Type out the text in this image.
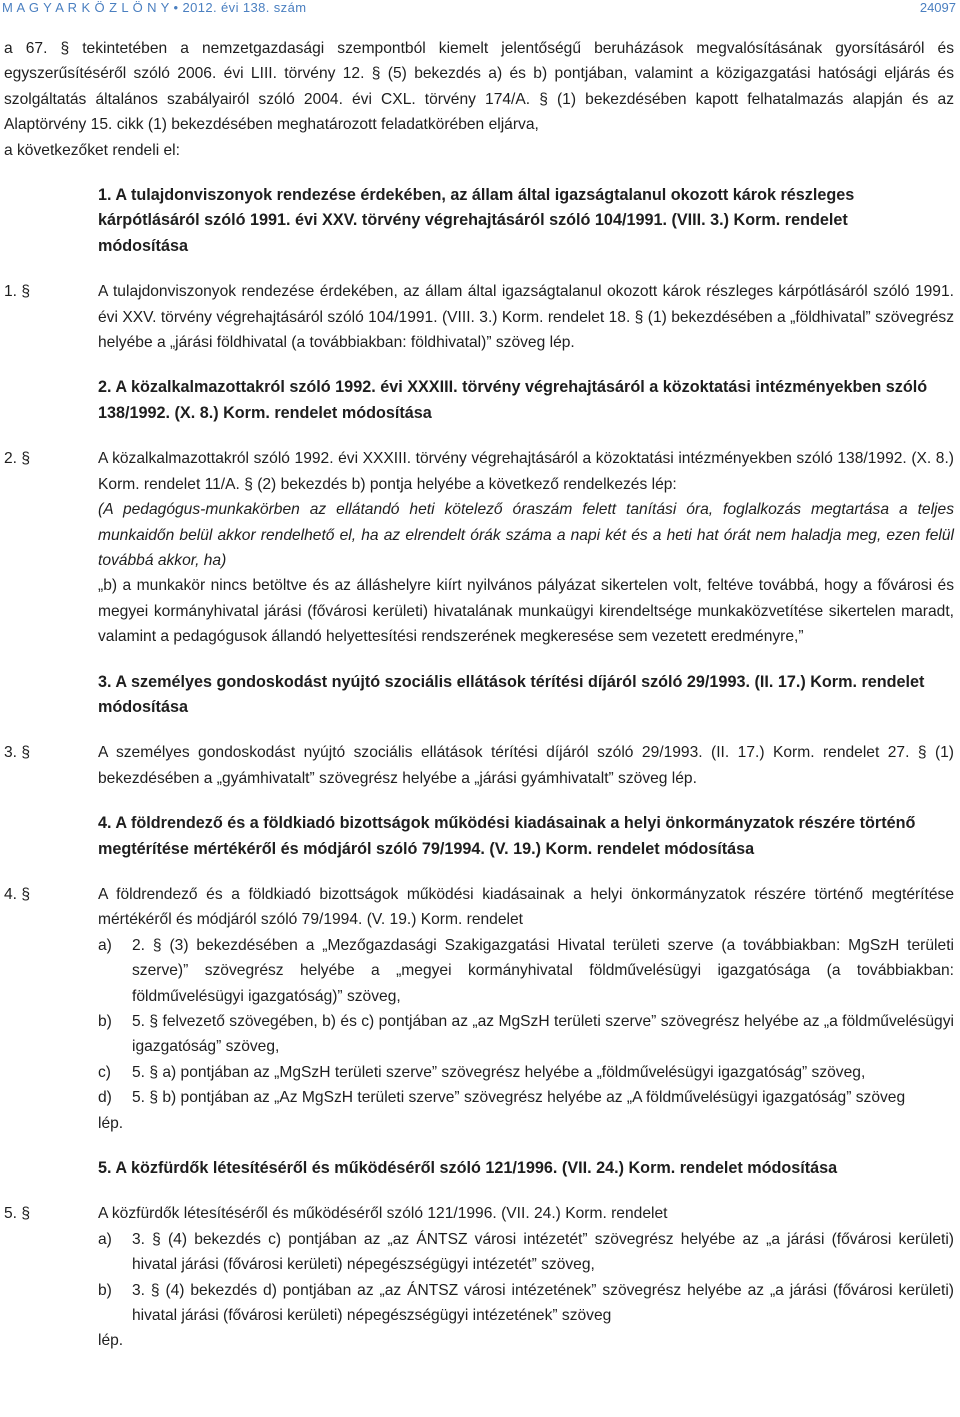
M A G Y A R K Ö Z L Ö N Y • 2012. évi 138. szám	24097

a 67. § tekintetében a nemzetgazdasági szempontból kiemelt jelentőségű beruházások megvalósításának gyorsításáról és egyszerűsítéséről szóló 2006. évi LIII. törvény 12. § (5) bekezdés a) és b) pontjában, valamint a közigazgatási hatósági eljárás és szolgáltatás általános szabályairól szóló 2004. évi CXL. törvény 174/A. § (1) bekezdésében kapott felhatalmazás alapján és az Alaptörvény 15. cikk (1) bekezdésében meghatározott feladatkörében eljárva,

a következőket rendeli el:

1. A tulajdonviszonyok rendezése érdekében, az állam által igazságtalanul okozott károk részleges kárpótlásáról szóló 1991. évi XXV. törvény végrehajtásáról szóló 104/1991. (VIII. 3.) Korm. rendelet módosítása

1. §	A tulajdonviszonyok rendezése érdekében, az állam által igazságtalanul okozott károk részleges kárpótlásáról szóló 1991. évi XXV. törvény végrehajtásáról szóló 104/1991. (VIII. 3.) Korm. rendelet 18. § (1) bekezdésében a „földhivatal” szövegrész helyébe a „járási földhivatal (a továbbiakban: földhivatal)” szöveg lép.

2. A közalkalmazottakról szóló 1992. évi XXXIII. törvény végrehajtásáról a közoktatási intézményekben szóló 138/1992. (X. 8.) Korm. rendelet módosítása

2. §	A közalkalmazottakról szóló 1992. évi XXXIII. törvény végrehajtásáról a közoktatási intézményekben szóló 138/1992. (X. 8.) Korm. rendelet 11/A. § (2) bekezdés b) pontja helyébe a következő rendelkezés lép:

(A pedagógus-munkakörben az ellátandó heti kötelező óraszám felett tanítási óra, foglalkozás megtartása a teljes munkaidőn belül akkor rendelhető el, ha az elrendelt órák száma a napi két és a heti hat órát nem haladja meg, ezen felül továbbá akkor, ha)

„b) a munkakör nincs betöltve és az álláshelyre kiírt nyilvános pályázat sikertelen volt, feltéve továbbá, hogy a fővárosi és megyei kormányhivatal járási (fővárosi kerületi) hivatalának munkaügyi kirendeltsége munkaközvetítése sikertelen maradt, valamint a pedagógusok állandó helyettesítési rendszerének megkeresése sem vezetett eredményre,”

3. A személyes gondoskodást nyújtó szociális ellátások térítési díjáról szóló 29/1993. (II. 17.) Korm. rendelet módosítása

3. §	A személyes gondoskodást nyújtó szociális ellátások térítési díjáról szóló 29/1993. (II. 17.) Korm. rendelet 27. § (1) bekezdésében a „gyámhivatalt” szövegrész helyébe a „járási gyámhivatalt” szöveg lép.

4. A földrendező és a földkiadó bizottságok működési kiadásainak a helyi önkormányzatok részére történő megtérítése mértékéről és módjáról szóló 79/1994. (V. 19.) Korm. rendelet módosítása

4. §	A földrendező és a földkiadó bizottságok működési kiadásainak a helyi önkormányzatok részére történő megtérítése mértékéről és módjáról szóló 79/1994. (V. 19.) Korm. rendelet

a)	2. § (3) bekezdésében a „Mezőgazdasági Szakigazgatási Hivatal területi szerve (a továbbiakban: MgSzH területi szerve)” szövegrész helyébe a „megyei kormányhivatal földművelésügyi igazgatósága (a továbbiakban: földművelésügyi igazgatóság)” szöveg,
b)	5. § felvezető szövegében, b) és c) pontjában az „az MgSzH területi szerve” szövegrész helyébe az „a földművelésügyi igazgatóság” szöveg,
c)	5. § a) pontjában az „MgSzH területi szerve” szövegrész helyébe a „földművelésügyi igazgatóság” szöveg,
d)	5. § b) pontjában az „Az MgSzH területi szerve” szövegrész helyébe az „A földművelésügyi igazgatóság” szöveg

lép.

5. A közfürdők létesítéséről és működéséről szóló 121/1996. (VII. 24.) Korm. rendelet módosítása

5. §	A közfürdők létesítéséről és működéséről szóló 121/1996. (VII. 24.) Korm. rendelet

a)	3. § (4) bekezdés c) pontjában az „az ÁNTSZ városi intézetét” szövegrész helyébe az „a járási (fővárosi kerületi) hivatal járási (fővárosi kerületi) népegészségügyi intézetét” szöveg,
b)	3. § (4) bekezdés d) pontjában az „az ÁNTSZ városi intézetének” szövegrész helyébe az „a járási (fővárosi kerületi) hivatal járási (fővárosi kerületi) népegészségügyi intézetének” szöveg

lép.
